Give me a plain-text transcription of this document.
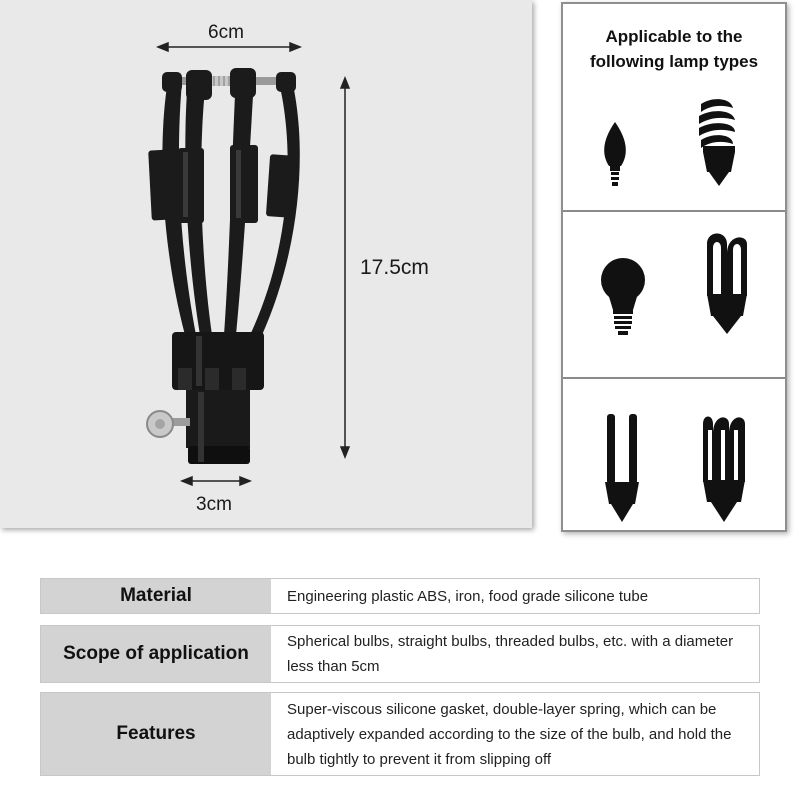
6cm
17.5cm
3cm
Applicable to the
following lamp types
Material	Engineering plastic ABS, iron, food grade silicone tube
Scope of application
Spherical bulbs, straight bulbs, threaded bulbs, etc. with a diameter less than 5cm
Features
Super-viscous silicone gasket, double-layer spring, which can be adaptively expanded according to the size of the bulb, and hold the bulb tightly to prevent it from slipping off
